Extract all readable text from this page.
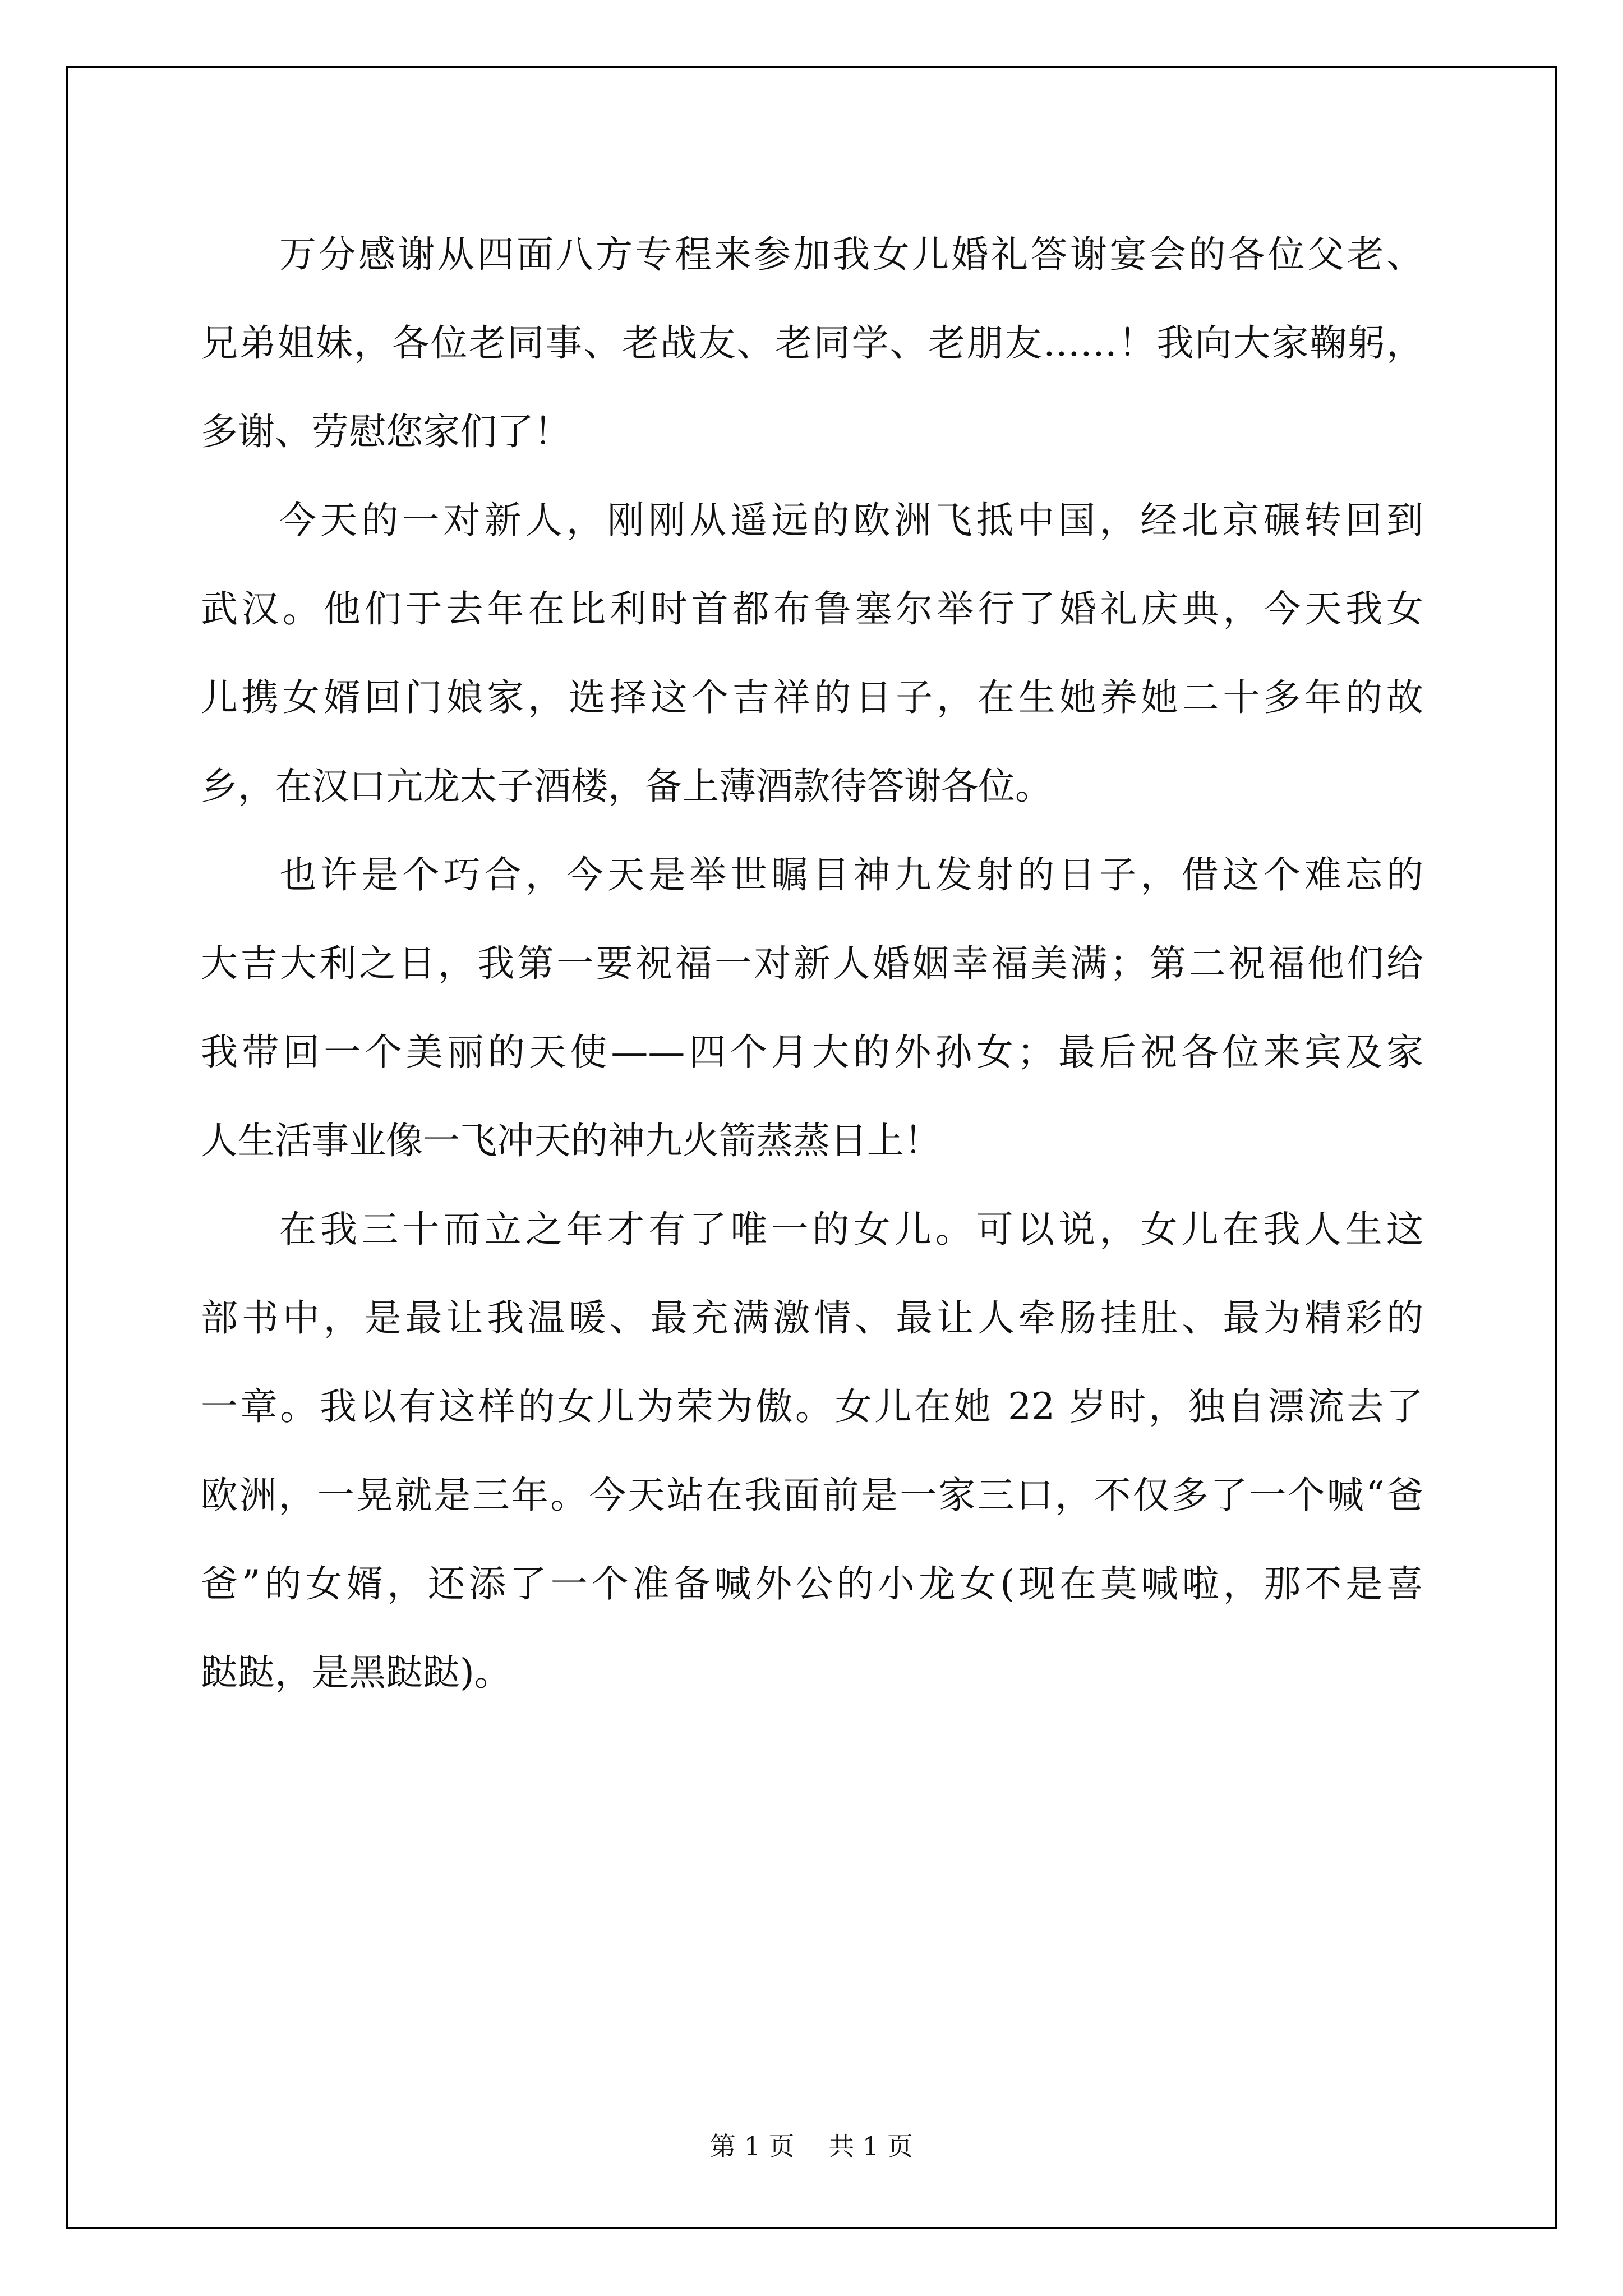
万分感谢从四面八方专程来参加我女儿婚礼答谢宴会的各位父老、
兄弟姐妹，各位老同事、老战友、老同学、老朋友……！我向大家鞠躬，
多谢、劳慰您家们了！
今天的一对新人，刚刚从遥远的欧洲飞抵中国，经北京碾转回到
武汉。他们于去年在比利时首都布鲁塞尔举行了婚礼庆典，今天我女
儿携女婿回门娘家，选择这个吉祥的日子，在生她养她二十多年的故
乡，在汉口亢龙太子酒楼，备上薄酒款待答谢各位。
也许是个巧合，今天是举世瞩目神九发射的日子，借这个难忘的
大吉大利之日，我第一要祝福一对新人婚姻幸福美满；第二祝福他们给
我带回一个美丽的天使——四个月大的外孙女；最后祝各位来宾及家
人生活事业像一飞冲天的神九火箭蒸蒸日上！
在我三十而立之年才有了唯一的女儿。可以说，女儿在我人生这
部书中，是最让我温暖、最充满激情、最让人牵肠挂肚、最为精彩的
一章。我以有这样的女儿为荣为傲。女儿在她 22 岁时，独自漂流去了
欧洲，一晃就是三年。今天站在我面前是一家三口，不仅多了一个喊“爸
爸”的女婿，还添了一个准备喊外公的小龙女(现在莫喊啦，那不是喜
跶跶，是黑跶跶)。
第 1 页 共 1 页
